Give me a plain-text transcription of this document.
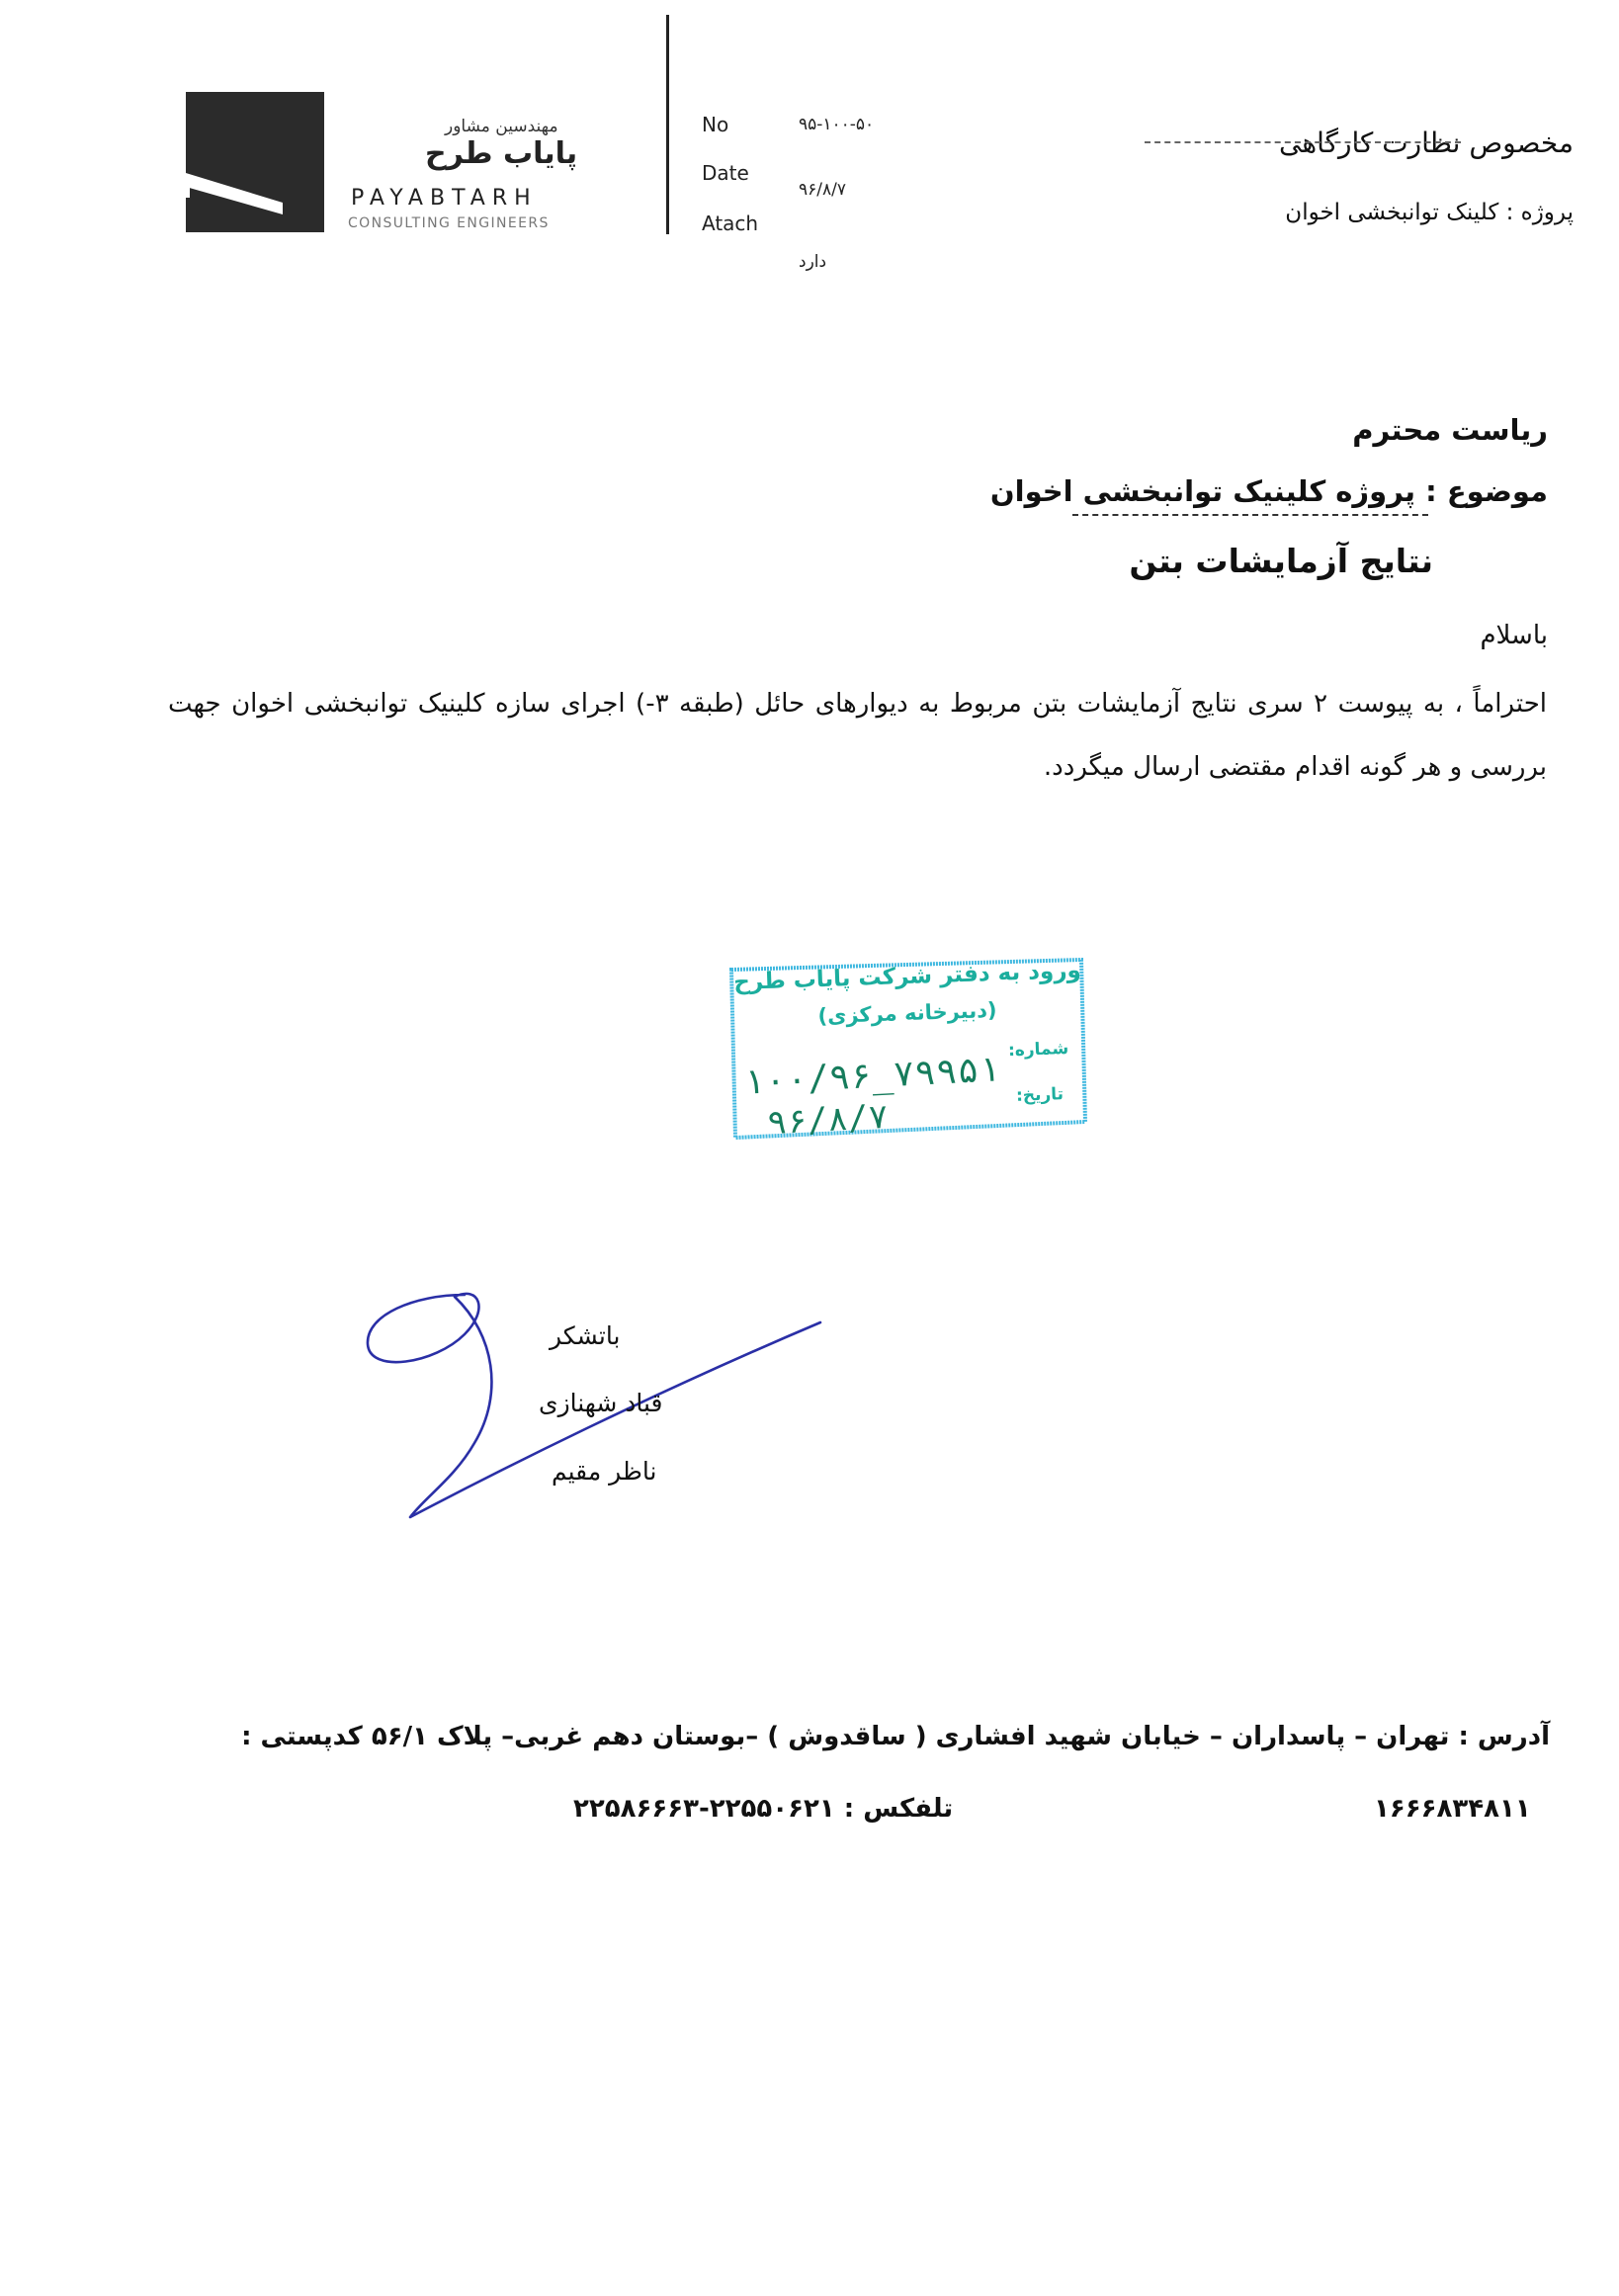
مهندسین مشاور
پایاب طرح
PAYABTARH
CONSULTING ENGINEERS
No	۹۵-۱۰۰-۵۰
Date
۹۶/۸/۷
Atach
دارد
مخصوص نظارت کارگاهی
پروژه : کلینک توانبخشی اخوان
ریاست محترم
موضوع : پروژه کلینیک توانبخشی اخوان
نتایج آزمایشات بتن
باسلام
احتراماً ، به پیوست ۲ سری نتایج آزمایشات بتن مربوط به دیوارهای حائل (طبقه ۳-) اجرای سازه کلینیک توانبخشی اخوان جهت بررسی و هر گونه اقدام مقتضی ارسال میگردد.
ورود به دفتر شرکت پایاب طرح
(دبیرخانه مرکزی)
شماره:
تاریخ:
۱۰۰/۹۶_۷۹۹۵۱
۹۶/۸/۷
باتشکر
قباد شهنازی
ناظر مقیم
آدرس : تهران – پاسداران – خیابان شهید افشاری ( ساقدوش ) –بوستان دهم غربی– پلاک ۵۶/۱ کدپستی :
۱۶۶۶۸۳۴۸۱۱
تلفکس : ۲۲۵۸۶۶۶۳-۲۲۵۵۰۶۲۱
